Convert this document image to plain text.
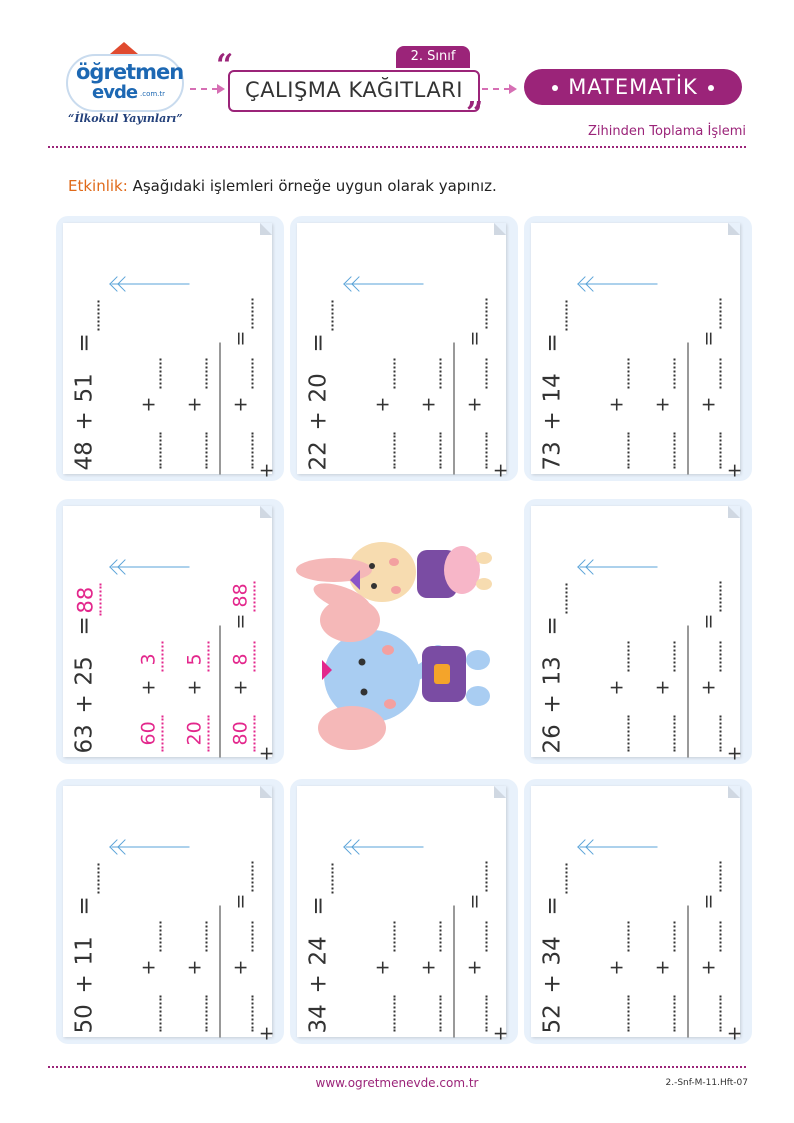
öğretmen
evde .com.tr
“İlkokul Yayınları”
“	2. Sınıf
ÇALIŞMA KAĞITLARI
”
MATEMATİK
Zihinden Toplama İşlemi
Etkinlik: Aşağıdaki işlemleri örneğe uygun olarak yapınız.
48
+
51
=
+ + +
=
+
22
+
20
=
+ + +
=
+
73
+
14
=
+ + +
=
+
63
+
25
=
88
60
+
3
20
+
5
80
+
8
=
88
+
26
+
13
=
+ + +
=
+
50
+
11
=
+ + +
=
+
34
+
24
=
+ + +
=
+
52
+
34
=
+ + +
=
+
www.ogretmenevde.com.tr	2.-Snf-M-11.Hft-07
